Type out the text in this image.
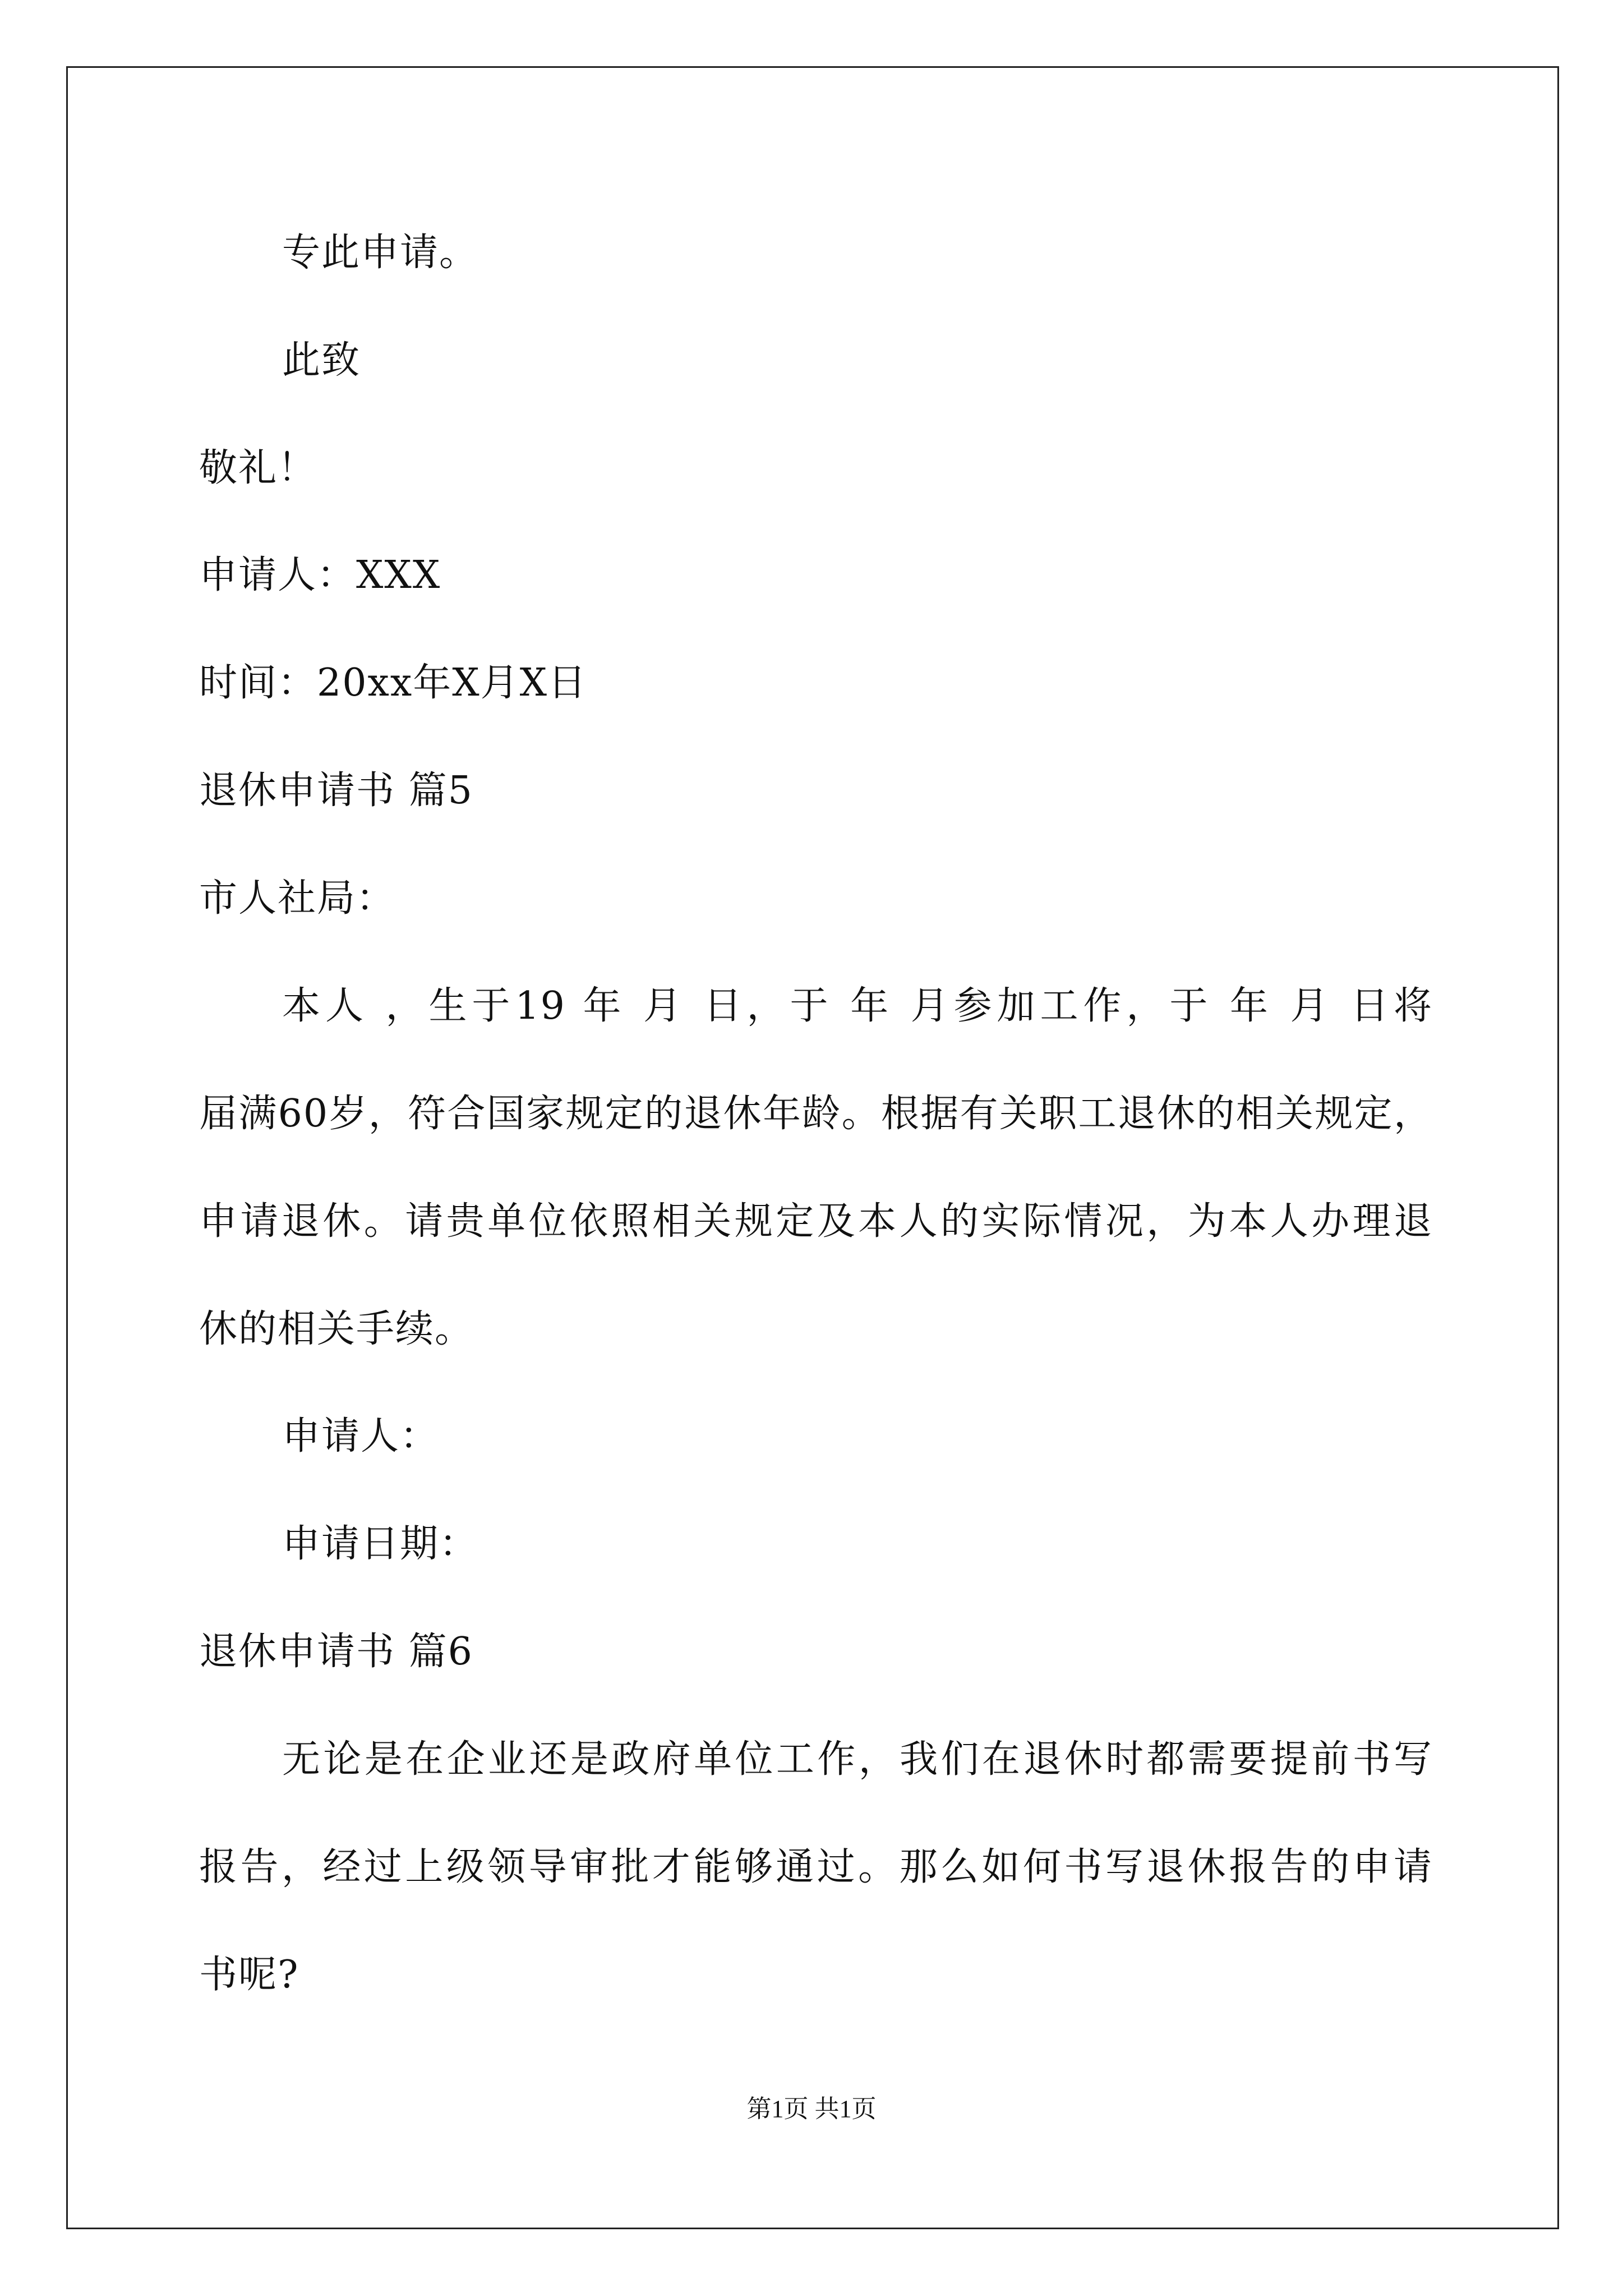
专此申请。
此致
敬礼！
申请人：XXX
时间：20xx年X月X日
退休申请书 篇5
市人社局：
本人 ，生于19 年 月 日，于 年 月参加工作，于 年 月 日将
届满60岁，符合国家规定的退休年龄。根据有关职工退休的相关规定，
申请退休。请贵单位依照相关规定及本人的实际情况，为本人办理退
休的相关手续。
申请人：
申请日期：
退休申请书 篇6
无论是在企业还是政府单位工作，我们在退休时都需要提前书写
报告，经过上级领导审批才能够通过。那么如何书写退休报告的申请
书呢?
第1页 共1页
